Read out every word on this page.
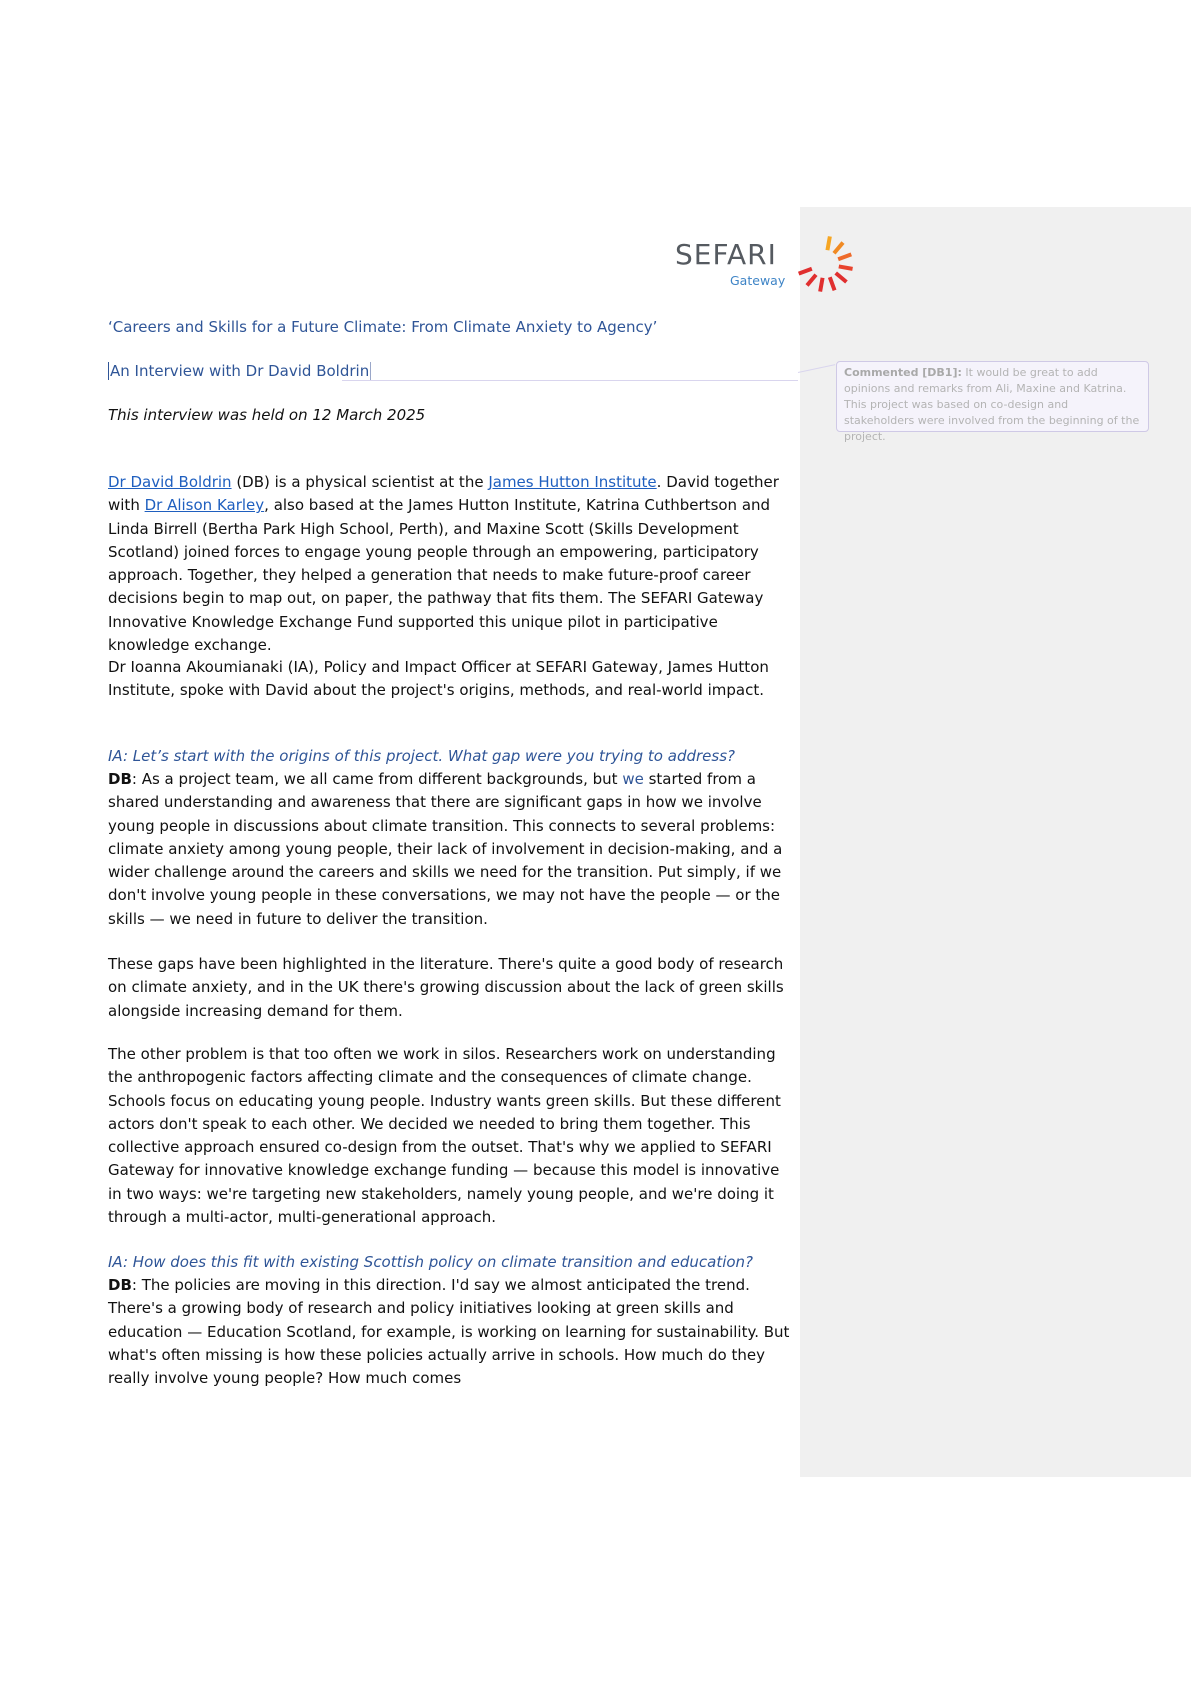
Commented [DB1]: It would be great to add opinions and remarks from Ali, Maxine and Katrina. This project was based on co-design and stakeholders were involved from the beginning of the project.
SEFARI
Gateway
‘Careers and Skills for a Future Climate: From Climate Anxiety to Agency’
An Interview with Dr David Boldrin
This interview was held on 12 March 2025
Dr David Boldrin (DB) is a physical scientist at the James Hutton Institute. David together with Dr Alison Karley, also based at the James Hutton Institute, Katrina Cuthbertson and Linda Birrell (Bertha Park High School, Perth), and Maxine Scott (Skills Development Scotland) joined forces to engage young people through an empowering, participatory approach. Together, they helped a generation that needs to make future-proof career decisions begin to map out, on paper, the pathway that fits them. The SEFARI Gateway Innovative Knowledge Exchange Fund supported this unique pilot in participative knowledge exchange.
Dr Ioanna Akoumianaki (IA), Policy and Impact Officer at SEFARI Gateway, James Hutton Institute, spoke with David about the project's origins, methods, and real-world impact.
IA: Let’s start with the origins of this project. What gap were you trying to address?
DB: As a project team, we all came from different backgrounds, but we started from a shared understanding and awareness that there are significant gaps in how we involve young people in discussions about climate transition. This connects to several problems: climate anxiety among young people, their lack of involvement in decision-making, and a wider challenge around the careers and skills we need for the transition. Put simply, if we don't involve young people in these conversations, we may not have the people — or the skills — we need in future to deliver the transition.
These gaps have been highlighted in the literature. There's quite a good body of research on climate anxiety, and in the UK there's growing discussion about the lack of green skills alongside increasing demand for them.
The other problem is that too often we work in silos. Researchers work on understanding the anthropogenic factors affecting climate and the consequences of climate change. Schools focus on educating young people. Industry wants green skills. But these different actors don't speak to each other. We decided we needed to bring them together. This collective approach ensured co-design from the outset. That's why we applied to SEFARI Gateway for innovative knowledge exchange funding — because this model is innovative in two ways: we're targeting new stakeholders, namely young people, and we're doing it through a multi-actor, multi-generational approach.
IA: How does this fit with existing Scottish policy on climate transition and education?
DB: The policies are moving in this direction. I'd say we almost anticipated the trend. There's a growing body of research and policy initiatives looking at green skills and education — Education Scotland, for example, is working on learning for sustainability. But what's often missing is how these policies actually arrive in schools. How much do they really involve young people? How much comes
